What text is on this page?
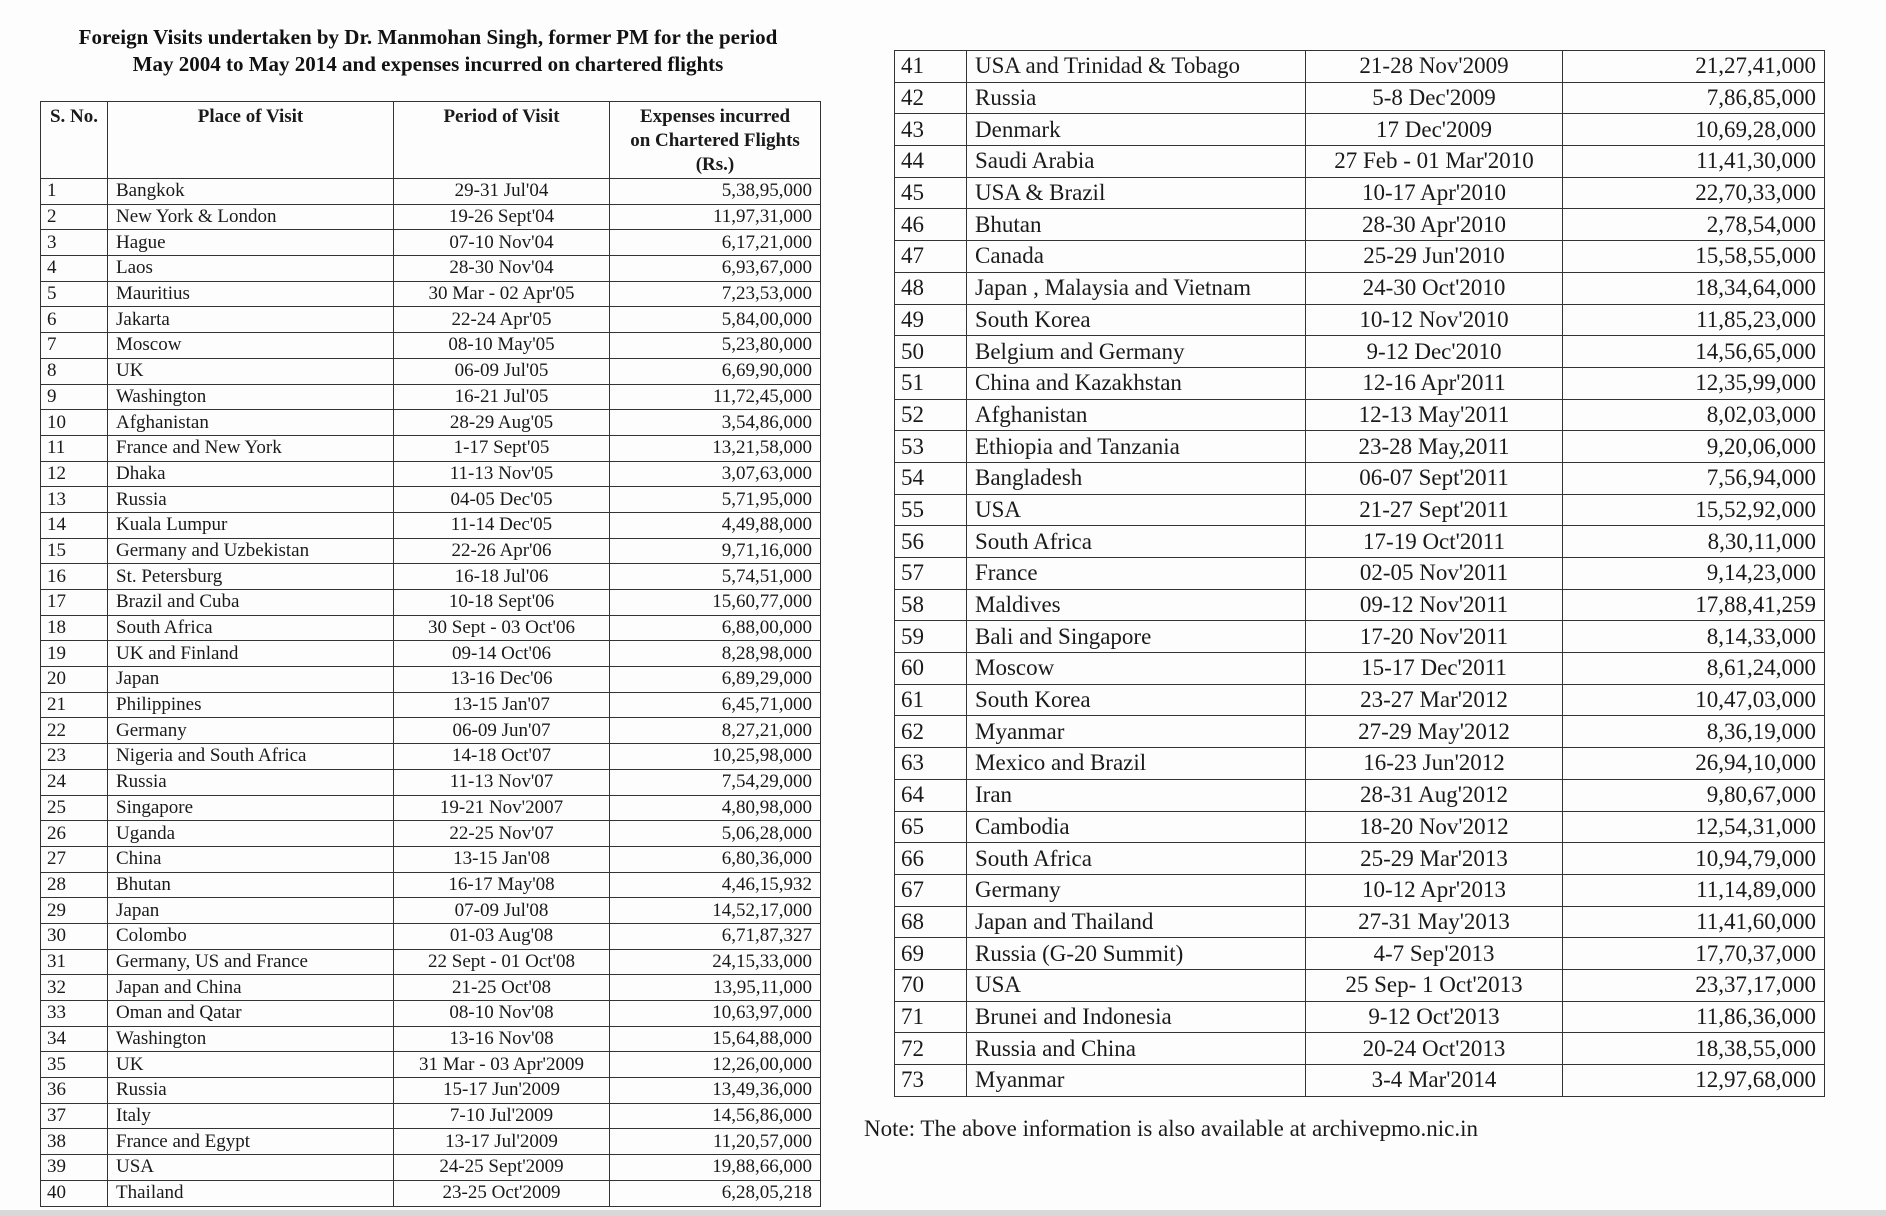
Foreign Visits undertaken by Dr. Manmohan Singh, former PM for the period
May 2004 to May 2014 and expenses incurred on chartered flights
S. No.	Place of Visit	Period of Visit	Expenses incurred on Chartered Flights (Rs.)
1	Bangkok	29-31 Jul'04	5,38,95,000
2	New York & London	19-26 Sept'04	11,97,31,000
3	Hague	07-10 Nov'04	6,17,21,000
4	Laos	28-30 Nov'04	6,93,67,000
5	Mauritius	30 Mar - 02 Apr'05	7,23,53,000
6	Jakarta	22-24 Apr'05	5,84,00,000
7	Moscow	08-10 May'05	5,23,80,000
8	UK	06-09 Jul'05	6,69,90,000
9	Washington	16-21 Jul'05	11,72,45,000
10	Afghanistan	28-29 Aug'05	3,54,86,000
11	France and New York	1-17 Sept'05	13,21,58,000
12	Dhaka	11-13 Nov'05	3,07,63,000
13	Russia	04-05 Dec'05	5,71,95,000
14	Kuala Lumpur	11-14 Dec'05	4,49,88,000
15	Germany and Uzbekistan	22-26 Apr'06	9,71,16,000
16	St. Petersburg	16-18 Jul'06	5,74,51,000
17	Brazil and Cuba	10-18 Sept'06	15,60,77,000
18	South Africa	30 Sept - 03 Oct'06	6,88,00,000
19	UK and Finland	09-14 Oct'06	8,28,98,000
20	Japan	13-16 Dec'06	6,89,29,000
21	Philippines	13-15 Jan'07	6,45,71,000
22	Germany	06-09 Jun'07	8,27,21,000
23	Nigeria and South Africa	14-18 Oct'07	10,25,98,000
24	Russia	11-13 Nov'07	7,54,29,000
25	Singapore	19-21 Nov'2007	4,80,98,000
26	Uganda	22-25 Nov'07	5,06,28,000
27	China	13-15 Jan'08	6,80,36,000
28	Bhutan	16-17 May'08	4,46,15,932
29	Japan	07-09 Jul'08	14,52,17,000
30	Colombo	01-03 Aug'08	6,71,87,327
31	Germany, US and France	22 Sept - 01 Oct'08	24,15,33,000
32	Japan and China	21-25 Oct'08	13,95,11,000
33	Oman and Qatar	08-10 Nov'08	10,63,97,000
34	Washington	13-16 Nov'08	15,64,88,000
35	UK	31 Mar - 03 Apr'2009	12,26,00,000
36	Russia	15-17 Jun'2009	13,49,36,000
37	Italy	7-10 Jul'2009	14,56,86,000
38	France and Egypt	13-17 Jul'2009	11,20,57,000
39	USA	24-25 Sept'2009	19,88,66,000
40	Thailand	23-25 Oct'2009	6,28,05,218
41	USA and Trinidad & Tobago	21-28 Nov'2009	21,27,41,000
42	Russia	5-8 Dec'2009	7,86,85,000
43	Denmark	17 Dec'2009	10,69,28,000
44	Saudi Arabia	27 Feb - 01 Mar'2010	11,41,30,000
45	USA & Brazil	10-17 Apr'2010	22,70,33,000
46	Bhutan	28-30 Apr'2010	2,78,54,000
47	Canada	25-29 Jun'2010	15,58,55,000
48	Japan , Malaysia and Vietnam	24-30 Oct'2010	18,34,64,000
49	South Korea	10-12 Nov'2010	11,85,23,000
50	Belgium and Germany	9-12 Dec'2010	14,56,65,000
51	China and Kazakhstan	12-16 Apr'2011	12,35,99,000
52	Afghanistan	12-13 May'2011	8,02,03,000
53	Ethiopia and Tanzania	23-28 May,2011	9,20,06,000
54	Bangladesh	06-07 Sept'2011	7,56,94,000
55	USA	21-27 Sept'2011	15,52,92,000
56	South Africa	17-19 Oct'2011	8,30,11,000
57	France	02-05 Nov'2011	9,14,23,000
58	Maldives	09-12 Nov'2011	17,88,41,259
59	Bali and Singapore	17-20 Nov'2011	8,14,33,000
60	Moscow	15-17 Dec'2011	8,61,24,000
61	South Korea	23-27 Mar'2012	10,47,03,000
62	Myanmar	27-29 May'2012	8,36,19,000
63	Mexico and Brazil	16-23 Jun'2012	26,94,10,000
64	Iran	28-31 Aug'2012	9,80,67,000
65	Cambodia	18-20 Nov'2012	12,54,31,000
66	South Africa	25-29 Mar'2013	10,94,79,000
67	Germany	10-12 Apr'2013	11,14,89,000
68	Japan and Thailand	27-31 May'2013	11,41,60,000
69	Russia (G-20 Summit)	4-7 Sep'2013	17,70,37,000
70	USA	25 Sep- 1 Oct'2013	23,37,17,000
71	Brunei and Indonesia	9-12 Oct'2013	11,86,36,000
72	Russia and China	20-24 Oct'2013	18,38,55,000
73	Myanmar	3-4 Mar'2014	12,97,68,000
Note: The above information is also available at archivepmo.nic.in
